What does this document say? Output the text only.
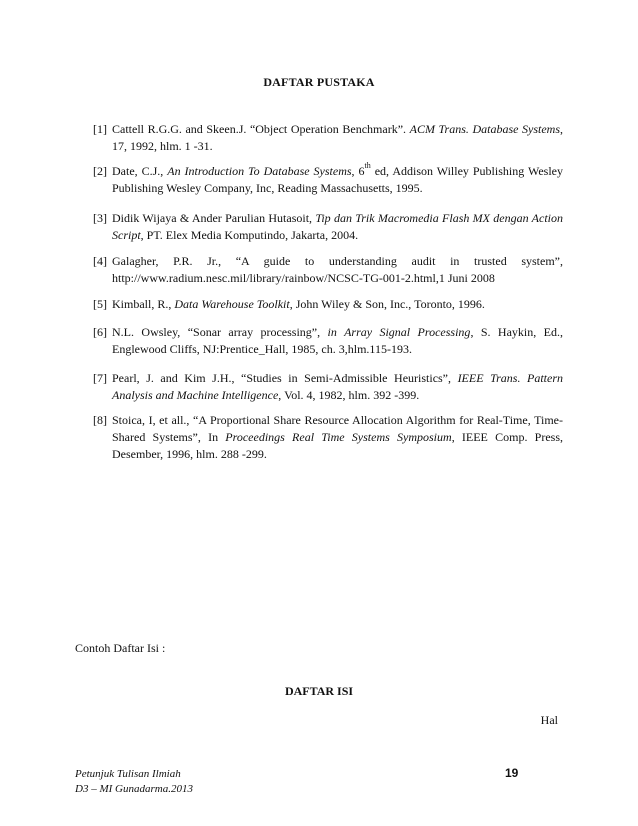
DAFTAR PUSTAKA
[1] Cattell R.G.G. and Skeen.J. “Object Operation Benchmark”. ACM Trans. Database Systems, 17, 1992, hlm. 1 -31.
[2] Date, C.J., An Introduction To Database Systems, 6th ed, Addison Willey Publishing Wesley Publishing Wesley Company, Inc, Reading Massachusetts, 1995.
[3] Didik Wijaya & Ander Parulian Hutasoit, Tip dan Trik Macromedia Flash MX dengan Action Script, PT. Elex Media Komputindo, Jakarta, 2004.
[4] Galagher, P.R. Jr., “A guide to understanding audit in trusted system”, http://www.radium.nesc.mil/library/rainbow/NCSC-TG-001-2.html,1 Juni 2008
[5] Kimball, R., Data Warehouse Toolkit, John Wiley & Son, Inc., Toronto, 1996.
[6] N.L. Owsley, “Sonar array processing”, in Array Signal Processing, S. Haykin, Ed., Englewood Cliffs, NJ:Prentice_Hall, 1985, ch. 3,hlm.115-193.
[7] Pearl, J. and Kim J.H., “Studies in Semi-Admissible Heuristics”, IEEE Trans. Pattern Analysis and Machine Intelligence, Vol. 4, 1982, hlm. 392 -399.
[8] Stoica, I, et all., “A Proportional Share Resource Allocation Algorithm for Real-Time, Time-Shared Systems”, In Proceedings Real Time Systems Symposium, IEEE Comp. Press, Desember, 1996, hlm. 288 -299.
Contoh Daftar Isi :
DAFTAR ISI
Hal
Petunjuk Tulisan Ilmiah
D3 – MI Gunadarma.2013
19
